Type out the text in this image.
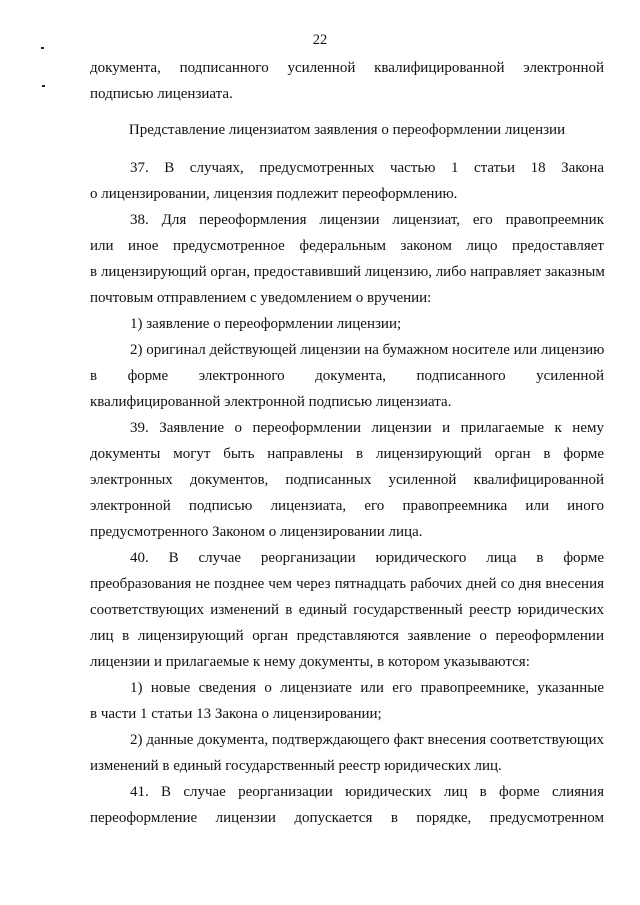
22
документа, подписанного усиленной квалифицированной электронной
подписью лицензиата.
Представление лицензиатом заявления о переоформлении лицензии
37. В случаях, предусмотренных частью 1 статьи 18 Закона
о лицензировании, лицензия подлежит переоформлению.
38. Для переоформления лицензии лицензиат, его правопреемник
или иное предусмотренное федеральным законом лицо предоставляет
в лицензирующий орган, предоставивший лицензию, либо направляет заказным
почтовым отправлением с уведомлением о вручении:
1) заявление о переоформлении лицензии;
2) оригинал действующей лицензии на бумажном носителе или лицензию
в форме электронного документа, подписанного усиленной
квалифицированной электронной подписью лицензиата.
39. Заявление о переоформлении лицензии и прилагаемые к нему
документы могут быть направлены в лицензирующий орган в форме
электронных документов, подписанных усиленной квалифицированной
электронной подписью лицензиата, его правопреемника или иного
предусмотренного Законом о лицензировании лица.
40. В случае реорганизации юридического лица в форме
преобразования не позднее чем через пятнадцать рабочих дней со дня внесения
соответствующих изменений в единый государственный реестр юридических
лиц в лицензирующий орган представляются заявление о переоформлении
лицензии и прилагаемые к нему документы, в котором указываются:
1) новые сведения о лицензиате или его правопреемнике, указанные
в части 1 статьи 13 Закона о лицензировании;
2) данные документа, подтверждающего факт внесения соответствующих
изменений в единый государственный реестр юридических лиц.
41. В случае реорганизации юридических лиц в форме слияния
переоформление лицензии допускается в порядке, предусмотренном
